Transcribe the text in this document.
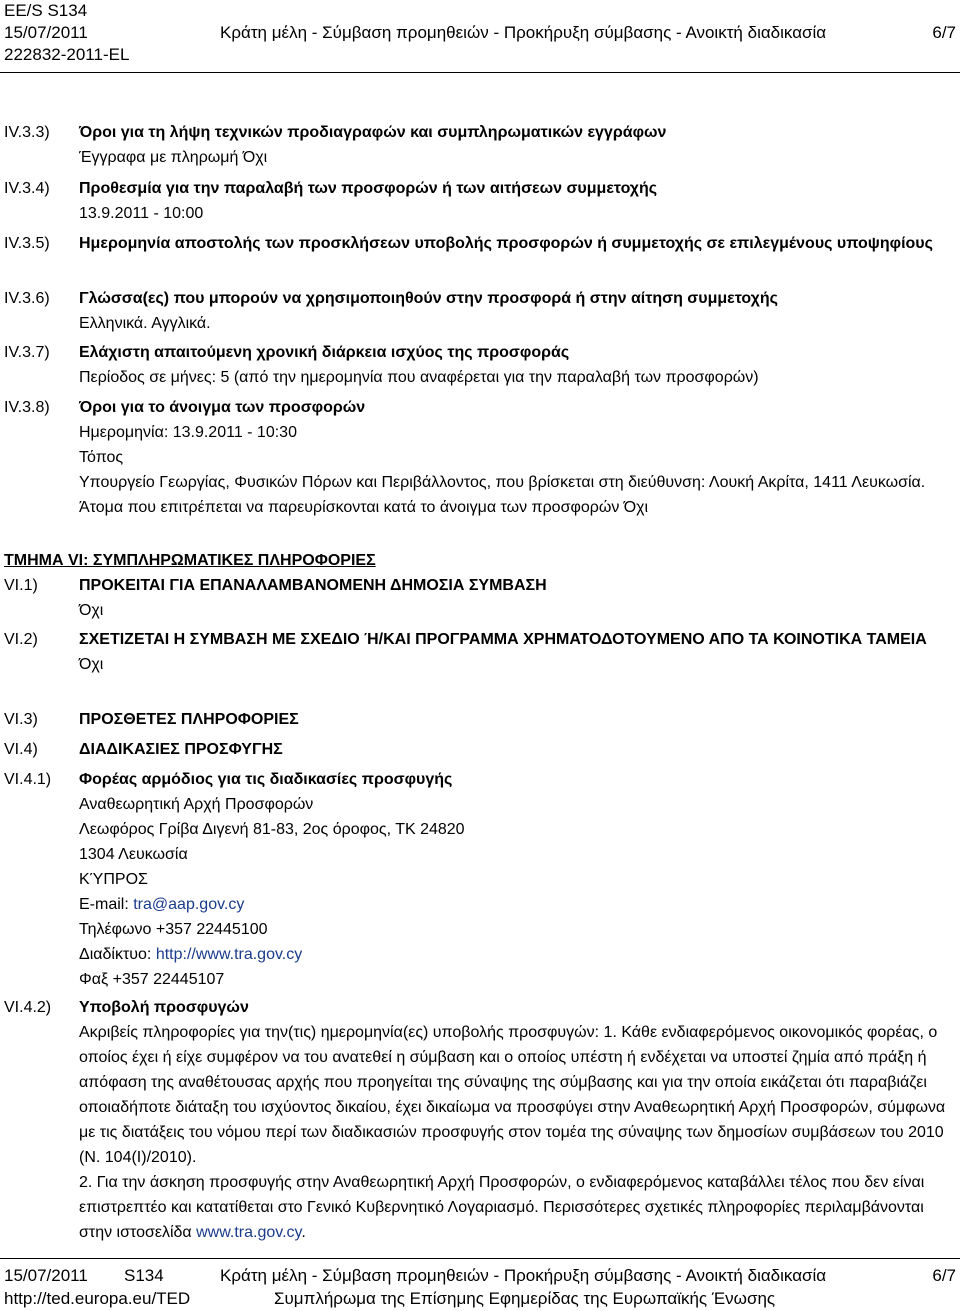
EE/S S134
15/07/2011	Κράτη μέλη - Σύμβαση προμηθειών - Προκήρυξη σύμβασης - Ανοικτή διαδικασία	6/7
222832-2011-EL
IV.3.3) Όροι για τη λήψη τεχνικών προδιαγραφών και συμπληρωματικών εγγράφων

Έγγραφα με πληρωμή Όχι

IV.3.4) Προθεσμία για την παραλαβή των προσφορών ή των αιτήσεων συμμετοχής

13.9.2011 - 10:00

IV.3.5) Ημερομηνία αποστολής των προσκλήσεων υποβολής προσφορών ή συμμετοχής σε επιλεγμένους υποψηφίους

IV.3.6) Γλώσσα(ες) που μπορούν να χρησιμοποιηθούν στην προσφορά ή στην αίτηση συμμετοχής

Ελληνικά. Αγγλικά.

IV.3.7) Ελάχιστη απαιτούμενη χρονική διάρκεια ισχύος της προσφοράς

Περίοδος σε μήνες: 5 (από την ημερομηνία που αναφέρεται για την παραλαβή των προσφορών)

IV.3.8) Όροι για το άνοιγμα των προσφορών

Ημερομηνία: 13.9.2011 - 10:30

Τόπος

Υπουργείο Γεωργίας, Φυσικών Πόρων και Περιβάλλοντος, που βρίσκεται στη διεύθυνση: Λουκή Ακρίτα, 1411 Λευκωσία.

Άτομα που επιτρέπεται να παρευρίσκονται κατά το άνοιγμα των προσφορών Όχι

ΤΜΗΜΑ VI: ΣΥΜΠΛΗΡΩΜΑΤΙΚΕΣ ΠΛΗΡΟΦΟΡΙΕΣ
VI.1)	ΠΡΟΚΕΙΤΑΙ ΓΙΑ ΕΠΑΝΑΛΑΜΒΑΝΟΜΕΝΗ ΔΗΜΟΣΙΑ ΣΥΜΒΑΣΗ

Όχι

VI.2)	ΣΧΕΤΙΖΕΤΑΙ Η ΣΥΜΒΑΣΗ ΜΕ ΣΧΕΔΙΟ Ή/ΚΑΙ ΠΡΟΓΡΑΜΜΑ ΧΡΗΜΑΤΟΔΟΤΟΥΜΕΝΟ ΑΠΟ ΤΑ ΚΟΙΝΟΤΙΚΑ ΤΑΜΕΙΑ

Όχι

VI.3)	ΠΡΟΣΘΕΤΕΣ ΠΛΗΡΟΦΟΡΙΕΣ

VI.4)	ΔΙΑΔΙΚΑΣΙΕΣ ΠΡΟΣΦΥΓΗΣ

VI.4.1) Φορέας αρμόδιος για τις διαδικασίες προσφυγής

Αναθεωρητική Αρχή Προσφορών

Λεωφόρος Γρίβα Διγενή 81-83, 2ος όροφος, ΤΚ 24820

1304 Λευκωσία

ΚΎΠΡΟΣ

E-mail: tra@aap.gov.cy

Τηλέφωνο +357 22445100

Διαδίκτυο: http://www.tra.gov.cy

Φαξ +357 22445107

VI.4.2) Υποβολή προσφυγών

Ακριβείς πληροφορίες για την(τις) ημερομηνία(ες) υποβολής προσφυγών: 1. Κάθε ενδιαφερόμενος οικονομικός φορέας, ο οποίος έχει ή είχε συμφέρον να του ανατεθεί η σύμβαση και ο οποίος υπέστη ή ενδέχεται να υποστεί ζημία από πράξη ή απόφαση της αναθέτουσας αρχής που προηγείται της σύναψης της σύμβασης και για την οποία εικάζεται ότι παραβιάζει οποιαδήποτε διάταξη του ισχύοντος δικαίου, έχει δικαίωμα να προσφύγει στην Αναθεωρητική Αρχή Προσφορών, σύμφωνα με τις διατάξεις του νόμου περί των διαδικασιών προσφυγής στον τομέα της σύναψης των δημοσίων συμβάσεων του 2010 (Ν. 104(Ι)/2010).

2. Για την άσκηση προσφυγής στην Αναθεωρητική Αρχή Προσφορών, ο ενδιαφερόμενος καταβάλλει τέλος που δεν είναι επιστρεπτέο και κατατίθεται στο Γενικό Κυβερνητικό Λογαριασμό. Περισσότερες σχετικές πληροφορίες περιλαμβάνονται στην ιστοσελίδα www.tra.gov.cy.

15/07/2011 S134	Κράτη μέλη - Σύμβαση προμηθειών - Προκήρυξη σύμβασης - Ανοικτή διαδικασία	6/7
http://ted.europa.eu/TED	Συμπλήρωμα της Επίσημης Εφημερίδας της Ευρωπαϊκής Ένωσης
